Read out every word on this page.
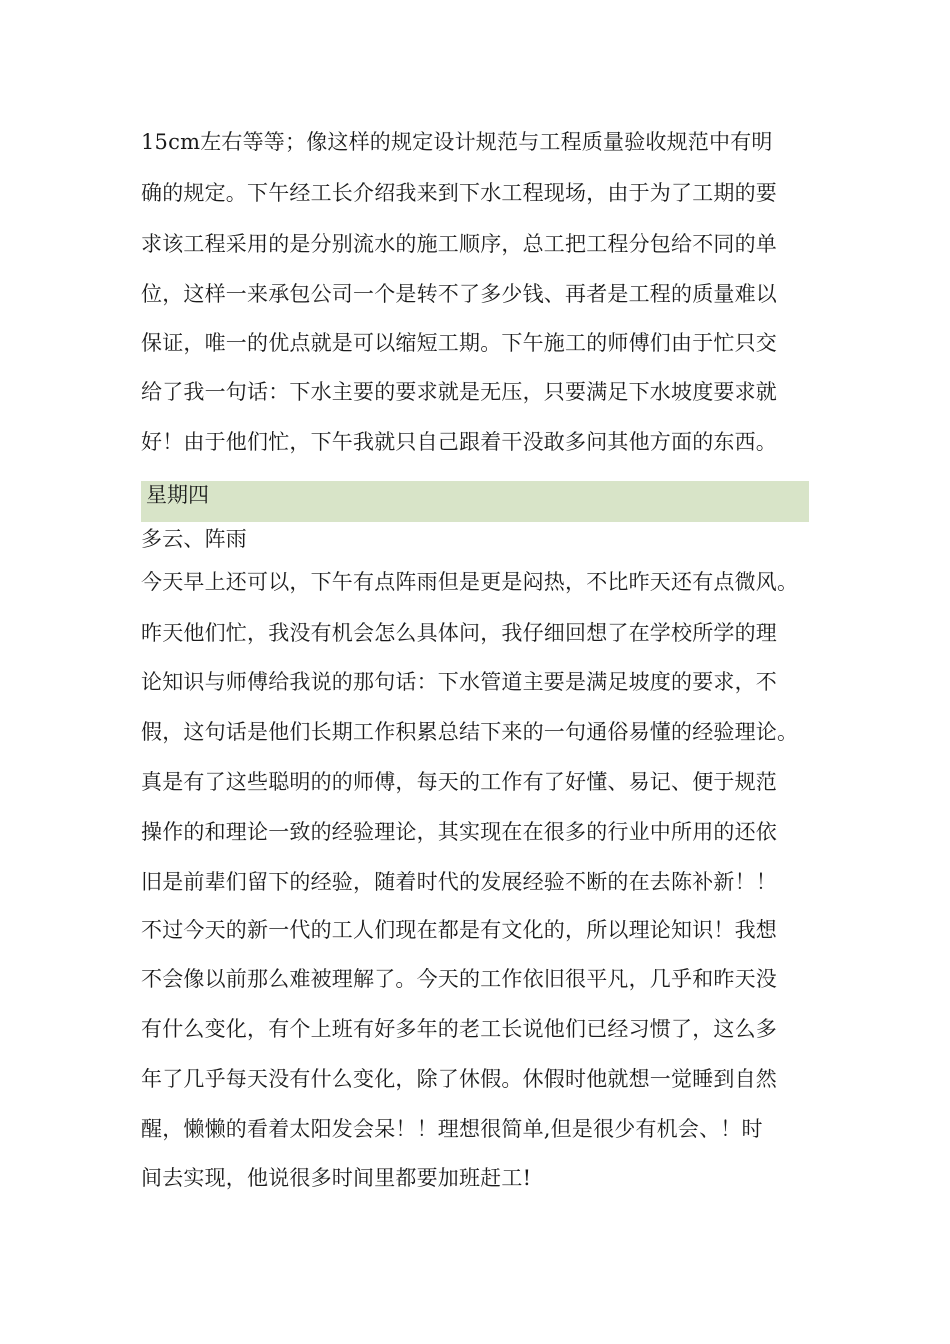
15cm左右等等；像这样的规定设计规范与工程质量验收规范中有明
确的规定。下午经工长介绍我来到下水工程现场，由于为了工期的要
求该工程采用的是分别流水的施工顺序，总工把工程分包给不同的单
位，这样一来承包公司一个是转不了多少钱、再者是工程的质量难以
保证，唯一的优点就是可以缩短工期。下午施工的师傅们由于忙只交
给了我一句话：下水主要的要求就是无压，只要满足下水坡度要求就
好！由于他们忙，下午我就只自己跟着干没敢多问其他方面的东西。
星期四
多云、阵雨
今天早上还可以，下午有点阵雨但是更是闷热，不比昨天还有点微风。
昨天他们忙，我没有机会怎么具体问，我仔细回想了在学校所学的理
论知识与师傅给我说的那句话：下水管道主要是满足坡度的要求，不
假，这句话是他们长期工作积累总结下来的一句通俗易懂的经验理论。
真是有了这些聪明的的师傅，每天的工作有了好懂、易记、便于规范
操作的和理论一致的经验理论，其实现在在很多的行业中所用的还依
旧是前辈们留下的经验，随着时代的发展经验不断的在去陈补新！！
不过今天的新一代的工人们现在都是有文化的，所以理论知识！我想
不会像以前那么难被理解了。今天的工作依旧很平凡，几乎和昨天没
有什么变化，有个上班有好多年的老工长说他们已经习惯了，这么多
年了几乎每天没有什么变化，除了休假。休假时他就想一觉睡到自然
醒，懒懒的看着太阳发会呆！！理想很简单,但是很少有机会、！时
间去实现，他说很多时间里都要加班赶工!
